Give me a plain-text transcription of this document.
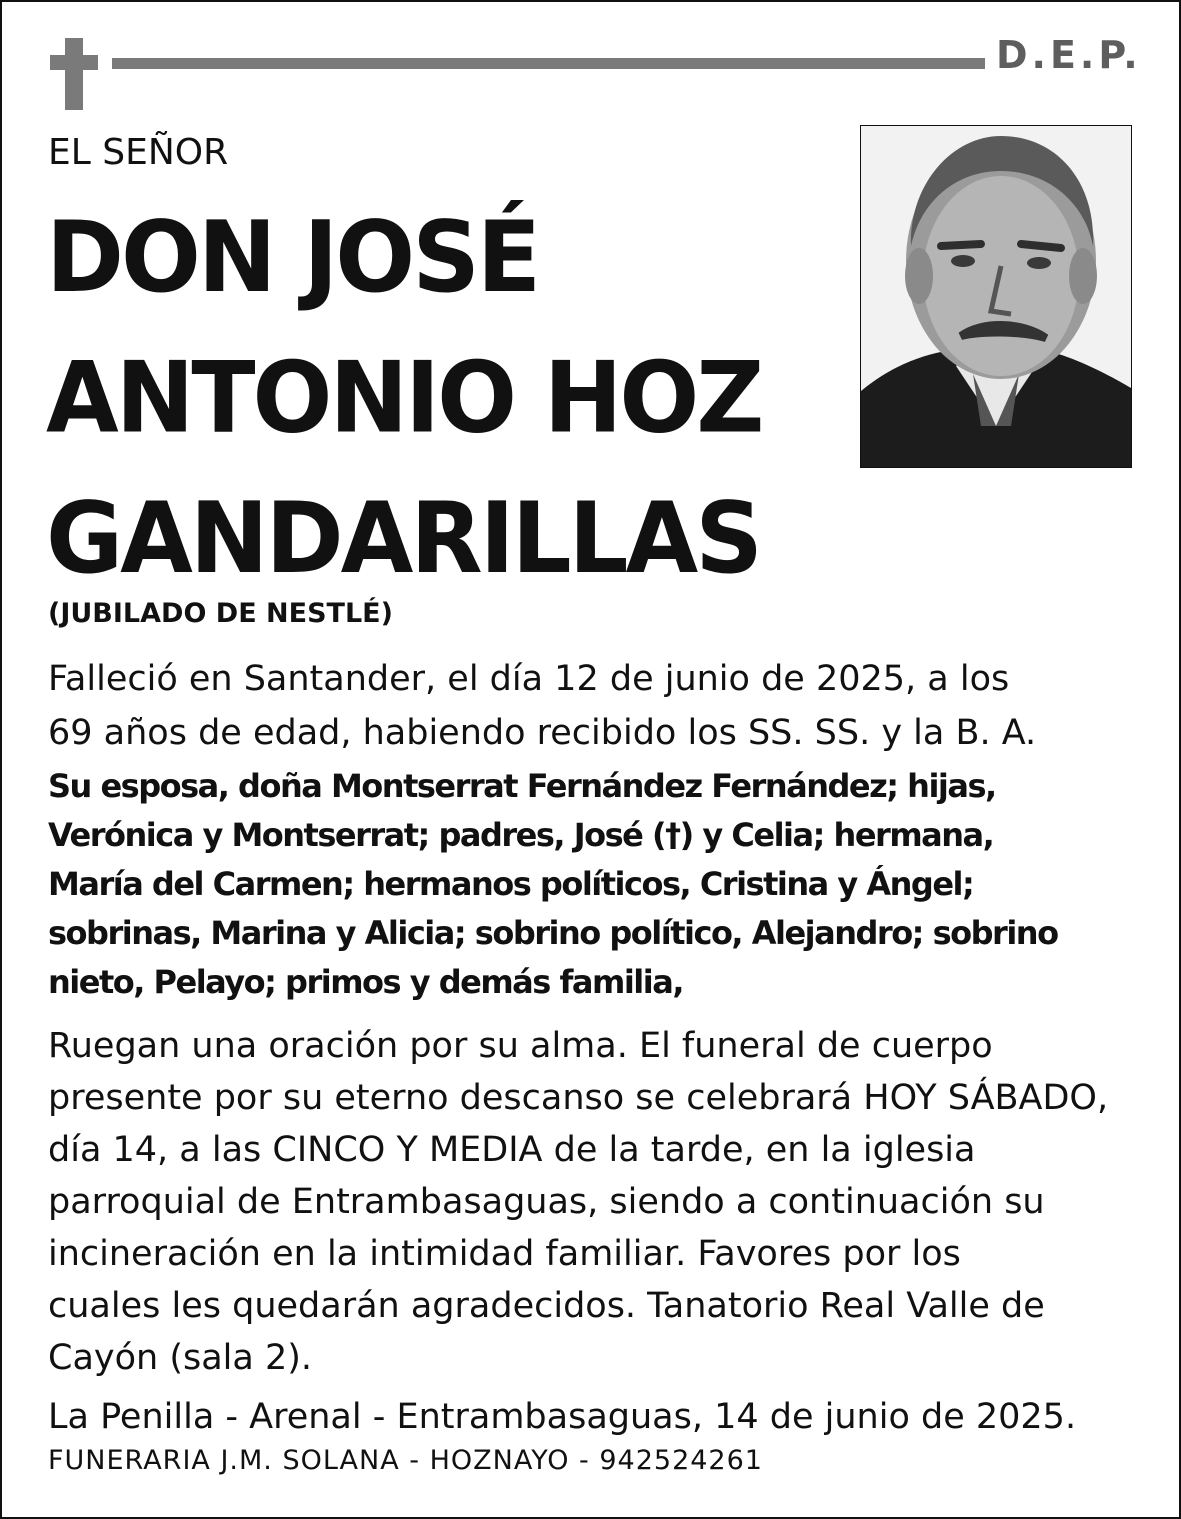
D.E.P.
EL SEÑOR
DON JOSÉ
ANTONIO HOZ
GANDARILLAS
(JUBILADO DE NESTLÉ)
Falleció en Santander, el día 12 de junio de 2025, a los
69 años de edad, habiendo recibido los SS. SS. y la B. A.
Su esposa, doña Montserrat Fernández Fernández; hijas,
Verónica y Montserrat; padres, José (†) y Celia; hermana,
María del Carmen; hermanos políticos, Cristina y Ángel;
sobrinas, Marina y Alicia; sobrino político, Alejandro; sobrino
nieto, Pelayo; primos y demás familia,
Ruegan una oración por su alma. El funeral de cuerpo
presente por su eterno descanso se celebrará HOY SÁBADO,
día 14, a las CINCO Y MEDIA de la tarde, en la iglesia
parroquial de Entrambasaguas, siendo a continuación su
incineración en la intimidad familiar. Favores por los
cuales les quedarán agradecidos. Tanatorio Real Valle de
Cayón (sala 2).
La Penilla - Arenal - Entrambasaguas, 14 de junio de 2025.
FUNERARIA J.M. SOLANA - HOZNAYO - 942524261
